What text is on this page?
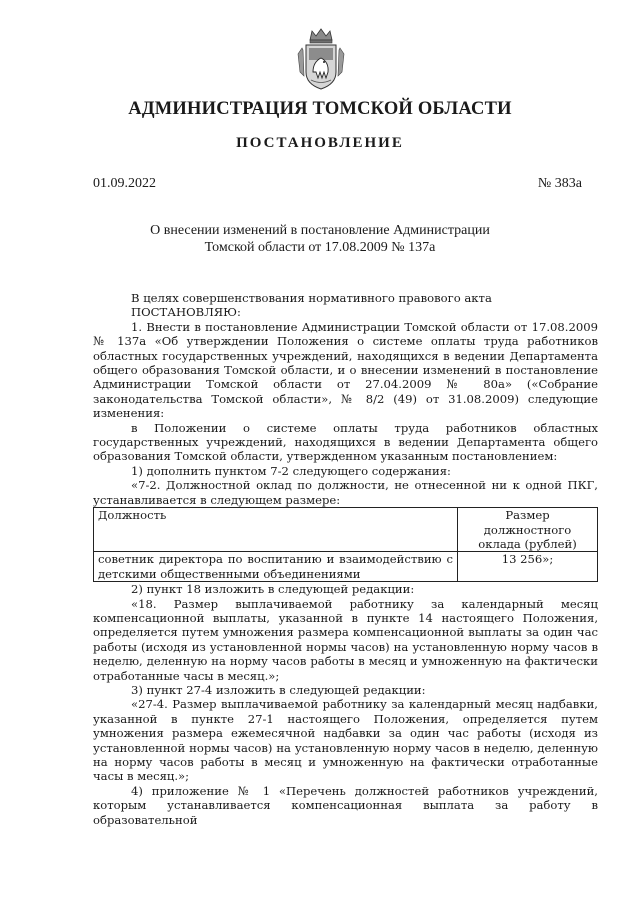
АДМИНИСТРАЦИЯ ТОМСКОЙ ОБЛАСТИ
ПОСТАНОВЛЕНИЕ
01.09.2022	№ 383а
О внесении изменений в постановление Администрации
Томской области от 17.08.2009 № 137а

В целях совершенствования нормативного правового акта

ПОСТАНОВЛЯЮ:

1. Внести в постановление Администрации Томской области от 17.08.2009 № 137а «Об утверждении Положения о системе оплаты труда работников областных государственных учреждений, находящихся в ведении Департамента общего образования Томской области, и о внесении изменений в постановление Администрации Томской области от 27.04.2009 № 80а» («Собрание законодательства Томской области», № 8/2 (49) от 31.08.2009) следующие изменения:

в Положении о системе оплаты труда работников областных государственных учреждений, находящихся в ведении Департамента общего образования Томской области, утвержденном указанным постановлением:

1) дополнить пунктом 7-2 следующего содержания:

«7-2. Должностной оклад по должности, не отнесенной ни к одной ПКГ, устанавливается в следующем размере:

Должность	Размер должностного оклада (рублей)
советник директора по воспитанию и взаимодействию с детскими общественными объединениями	13 256»;

2) пункт 18 изложить в следующей редакции:

«18. Размер выплачиваемой работнику за календарный месяц компенсационной выплаты, указанной в пункте 14 настоящего Положения, определяется путем умножения размера компенсационной выплаты за один час работы (исходя из установленной нормы часов) на установленную норму часов в неделю, деленную на норму часов работы в месяц и умноженную на фактически отработанные часы в месяц.»;

3) пункт 27-4 изложить в следующей редакции:

«27-4. Размер выплачиваемой работнику за календарный месяц надбавки, указанной в пункте 27-1 настоящего Положения, определяется путем умножения размера ежемесячной надбавки за один час работы (исходя из установленной нормы часов) на установленную норму часов в неделю, деленную на норму часов работы в месяц и умноженную на фактически отработанные часы в месяц.»;

4) приложение № 1 «Перечень должностей работников учреждений, которым устанавливается компенсационная выплата за работу в образовательной
